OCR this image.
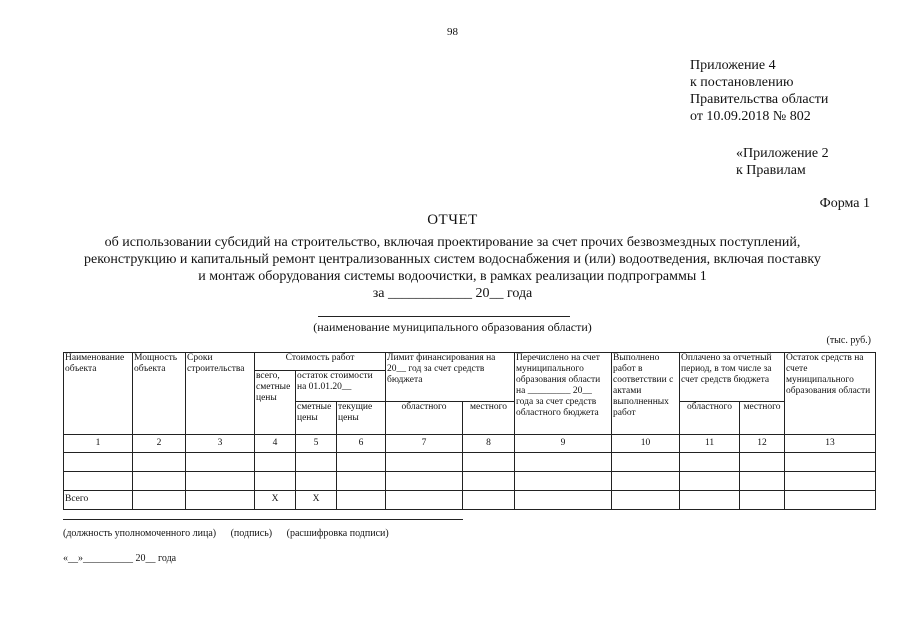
98
Приложение 4
к постановлению
Правительства области
от 10.09.2018 № 802
«Приложение 2
к Правилам
Форма 1
ОТЧЕТ
об использовании субсидий на строительство, включая проектирование за счет прочих безвозмездных поступлений,
реконструкцию и капитальный ремонт централизованных систем водоснабжения и (или) водоотведения, включая поставку
и монтаж оборудования системы водоочистки, в рамках реализации подпрограммы 1
за ____________ 20__ года
(наименование муниципального образования области)
(тыс. руб.)
Наименование объекта	Мощность объекта	Сроки строительства	Стоимость работ			Лимит финансирования на 20__ год за счет средств бюджета		Перечислено на счет муниципального образования области на _________ 20__ года за счет средств областного бюджета	Выполнено работ в соответствии с актами выполненных работ	Оплачено за отчетный период, в том числе за счет средств бюджета		Остаток средств на счете муниципального образования области
			всего, сметные цены	остаток стоимости на 01.01.20__								
				сметные цены	текущие цены	областного	местного			областного	местного	
1	2	3	4	5	6	7	8	9	10	11	12	13

Всего			Х	Х								
(должность уполномоченного лица) (подпись) (расшифровка подписи)
«__»__________ 20__ года
